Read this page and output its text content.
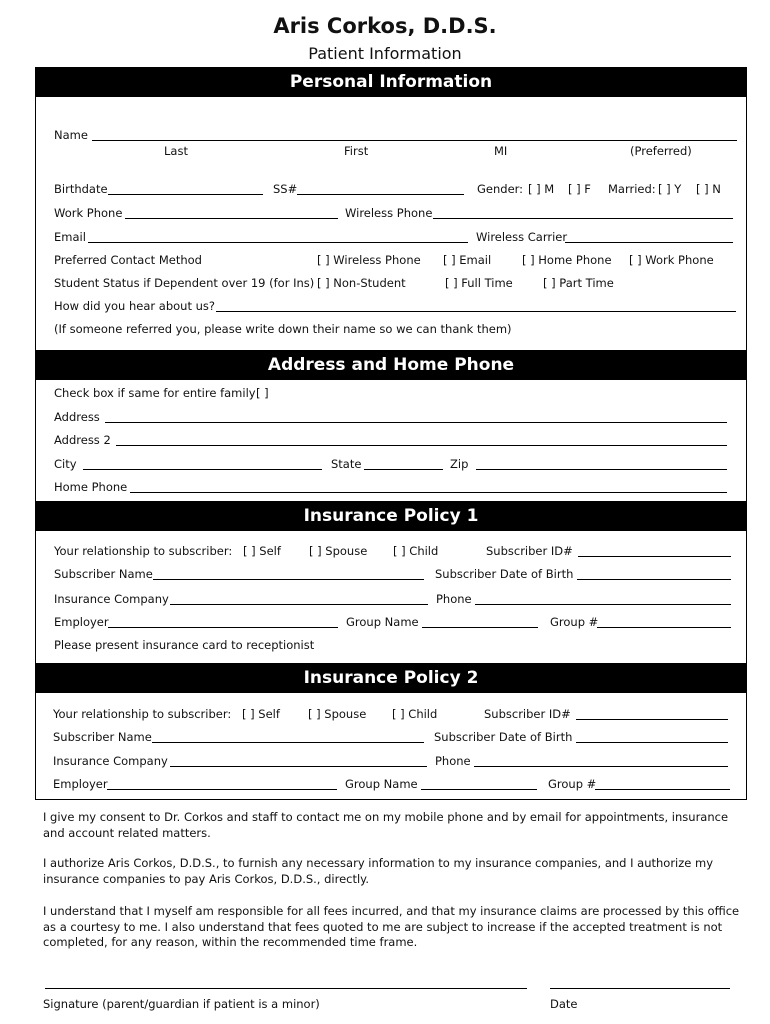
Aris Corkos, D.D.S.
Patient Information
Personal Information
Name
Last	First	MI	(Preferred)
Birthdate	SS#	Gender: [ ] M [ ] F Married: [ ] Y [ ] N
Work Phone	Wireless Phone
Email	Wireless Carrier
Preferred Contact Method	[ ] Wireless Phone [ ] Email	[ ] Home Phone [ ] Work Phone
Student Status if Dependent over 19 (for Ins) [ ] Non-Student	[ ] Full Time	[ ] Part Time
How did you hear about us?
(If someone referred you, please write down their name so we can thank them)
Address and Home Phone
Check box if same for entire family [ ]
Address
Address 2
City	State	Zip
Home Phone
Insurance Policy 1
Your relationship to subscriber: [ ] Self [ ] Spouse [ ] Child	Subscriber ID#
Subscriber Name	Subscriber Date of Birth
Insurance Company	Phone
Employer	Group Name	Group #
Please present insurance card to receptionist
Insurance Policy 2
Your relationship to subscriber: [ ] Self [ ] Spouse [ ] Child	Subscriber ID#
Subscriber Name	Subscriber Date of Birth
Insurance Company	Phone
Employer	Group Name	Group #
I give my consent to Dr. Corkos and staff to contact me on my mobile phone and by email for appointments, insurance and account related matters.
I authorize Aris Corkos, D.D.S., to furnish any necessary information to my insurance companies, and I authorize my insurance companies to pay Aris Corkos, D.D.S., directly.
I understand that I myself am responsible for all fees incurred, and that my insurance claims are processed by this office as a courtesy to me. I also understand that fees quoted to me are subject to increase if the accepted treatment is not completed, for any reason, within the recommended time frame.
Signature (parent/guardian if patient is a minor)	Date
